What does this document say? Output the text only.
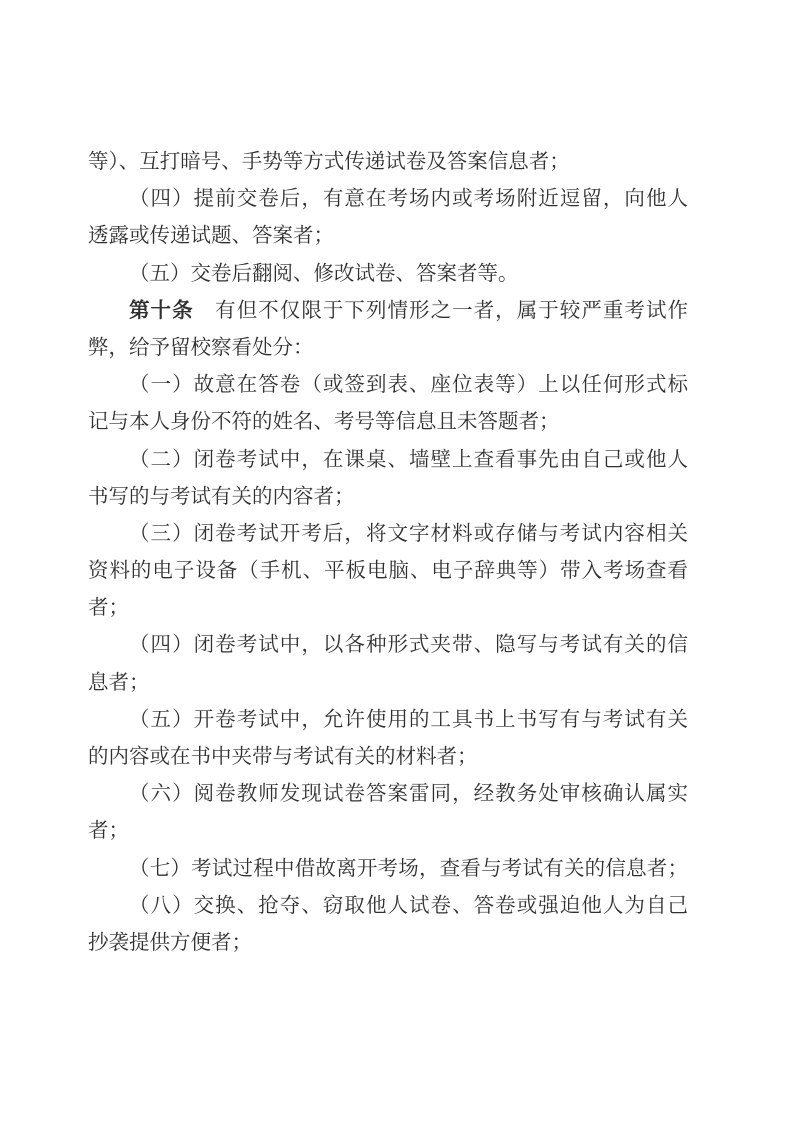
等）、互打暗号、手势等方式传递试卷及答案信息者；
（四）提前交卷后，有意在考场内或考场附近逗留，向他人
透露或传递试题、答案者；
（五）交卷后翻阅、修改试卷、答案者等。
第十条　有但不仅限于下列情形之一者，属于较严重考试作
弊，给予留校察看处分：
（一）故意在答卷（或签到表、座位表等）上以任何形式标
记与本人身份不符的姓名、考号等信息且未答题者；
（二）闭卷考试中，在课桌、墙壁上查看事先由自己或他人
书写的与考试有关的内容者；
（三）闭卷考试开考后，将文字材料或存储与考试内容相关
资料的电子设备（手机、平板电脑、电子辞典等）带入考场查看
者；
（四）闭卷考试中，以各种形式夹带、隐写与考试有关的信
息者；
（五）开卷考试中，允许使用的工具书上书写有与考试有关
的内容或在书中夹带与考试有关的材料者；
（六）阅卷教师发现试卷答案雷同，经教务处审核确认属实
者；
（七）考试过程中借故离开考场，查看与考试有关的信息者；
（八）交换、抢夺、窃取他人试卷、答卷或强迫他人为自己
抄袭提供方便者；
